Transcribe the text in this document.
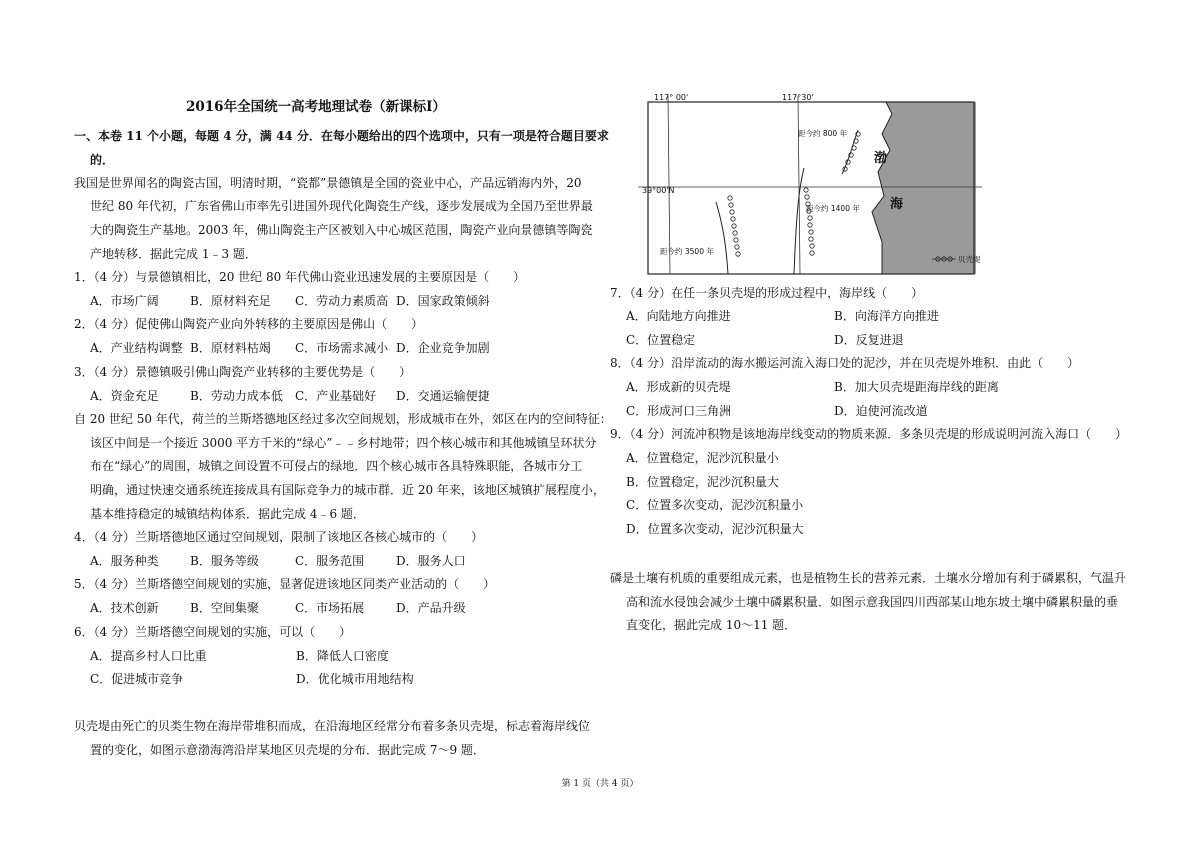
2016年全国统一高考地理试卷（新课标Ⅰ）
一、本卷 11 个小题，每题 4 分，满 44 分．在每小题给出的四个选项中，只有一项是符合题目要求
的．
我国是世界闻名的陶瓷古国，明清时期，“瓷都”景德镇是全国的瓷业中心，产品远销海内外，20
世纪 80 年代初，广东省佛山市率先引进国外现代化陶瓷生产线，逐步发展成为全国乃至世界最
大的陶瓷生产基地。2003 年，佛山陶瓷主产区被划入中心城区范围，陶瓷产业向景德镇等陶瓷
产地转移．据此完成 1﹣3 题．
1．（4 分）与景德镇相比，20 世纪 80 年代佛山瓷业迅速发展的主要原因是（　　）
A．市场广阔	B．原材料充足 C．劳动力素质高 D．国家政策倾斜
2．（4 分）促使佛山陶瓷产业向外转移的主要原因是佛山（　　）
A．产业结构调整 B．原材料枯竭 C．市场需求减小 D．企业竞争加剧
3．（4 分）景德镇吸引佛山陶瓷产业转移的主要优势是（　　）
A．资金充足	B．劳动力成本低 C．产业基础好 D．交通运输便捷
自 20 世纪 50 年代，荷兰的兰斯塔德地区经过多次空间规划，形成城市在外，郊区在内的空间特征：
该区中间是一个接近 3000 平方千米的“绿心”﹣﹣乡村地带；四个核心城市和其他城镇呈环状分
布在“绿心”的周围，城镇之间设置不可侵占的绿地．四个核心城市各具特殊职能，各城市分工
明确，通过快速交通系统连接成具有国际竞争力的城市群．近 20 年来，该地区城镇扩展程度小，
基本维持稳定的城镇结构体系．据此完成 4﹣6 题．
4．（4 分）兰斯塔德地区通过空间规划，限制了该地区各核心城市的（　　）
A．服务种类	B．服务等级	C．服务范围	D．服务人口
5．（4 分）兰斯塔德空间规划的实施，显著促进该地区同类产业活动的（　　）
A．技术创新	B．空间集聚	C．市场拓展	D．产品升级
6．（4 分）兰斯塔德空间规划的实施，可以（　　）
A．提高乡村人口比重	B．降低人口密度
C．促进城市竞争	D．优化城市用地结构
贝壳堤由死亡的贝类生物在海岸带堆积而成，在沿海地区经常分布着多条贝壳堤，标志着海岸线位
置的变化，如图示意渤海湾沿岸某地区贝壳堤的分布．据此完成 7～9 题．
117° 00'	117°30'
39°00'N
距今约 800 年
距今约 1400 年
距今约 3500 年
渤
海
贝壳堤
7．（4 分）在任一条贝壳堤的形成过程中，海岸线（　　）
A．向陆地方向推进	B．向海洋方向推进
C．位置稳定	D．反复进退
8．（4 分）沿岸流动的海水搬运河流入海口处的泥沙，并在贝壳堤外堆积．由此（　　）
A．形成新的贝壳堤	B．加大贝壳堤距海岸线的距离
C．形成河口三角洲	D．迫使河流改道
9．（4 分）河流冲积物是该地海岸线变动的物质来源．多条贝壳堤的形成说明河流入海口（　　）
A．位置稳定，泥沙沉积量小
B．位置稳定，泥沙沉积量大
C．位置多次变动，泥沙沉积量小
D．位置多次变动，泥沙沉积量大
磷是土壤有机质的重要组成元素，也是植物生长的营养元素．土壤水分增加有利于磷累积，气温升
高和流水侵蚀会减少土壤中磷累积量．如图示意我国四川西部某山地东坡土壤中磷累积量的垂
直变化，据此完成 10～11 题．
第 1 页（共 4 页）
